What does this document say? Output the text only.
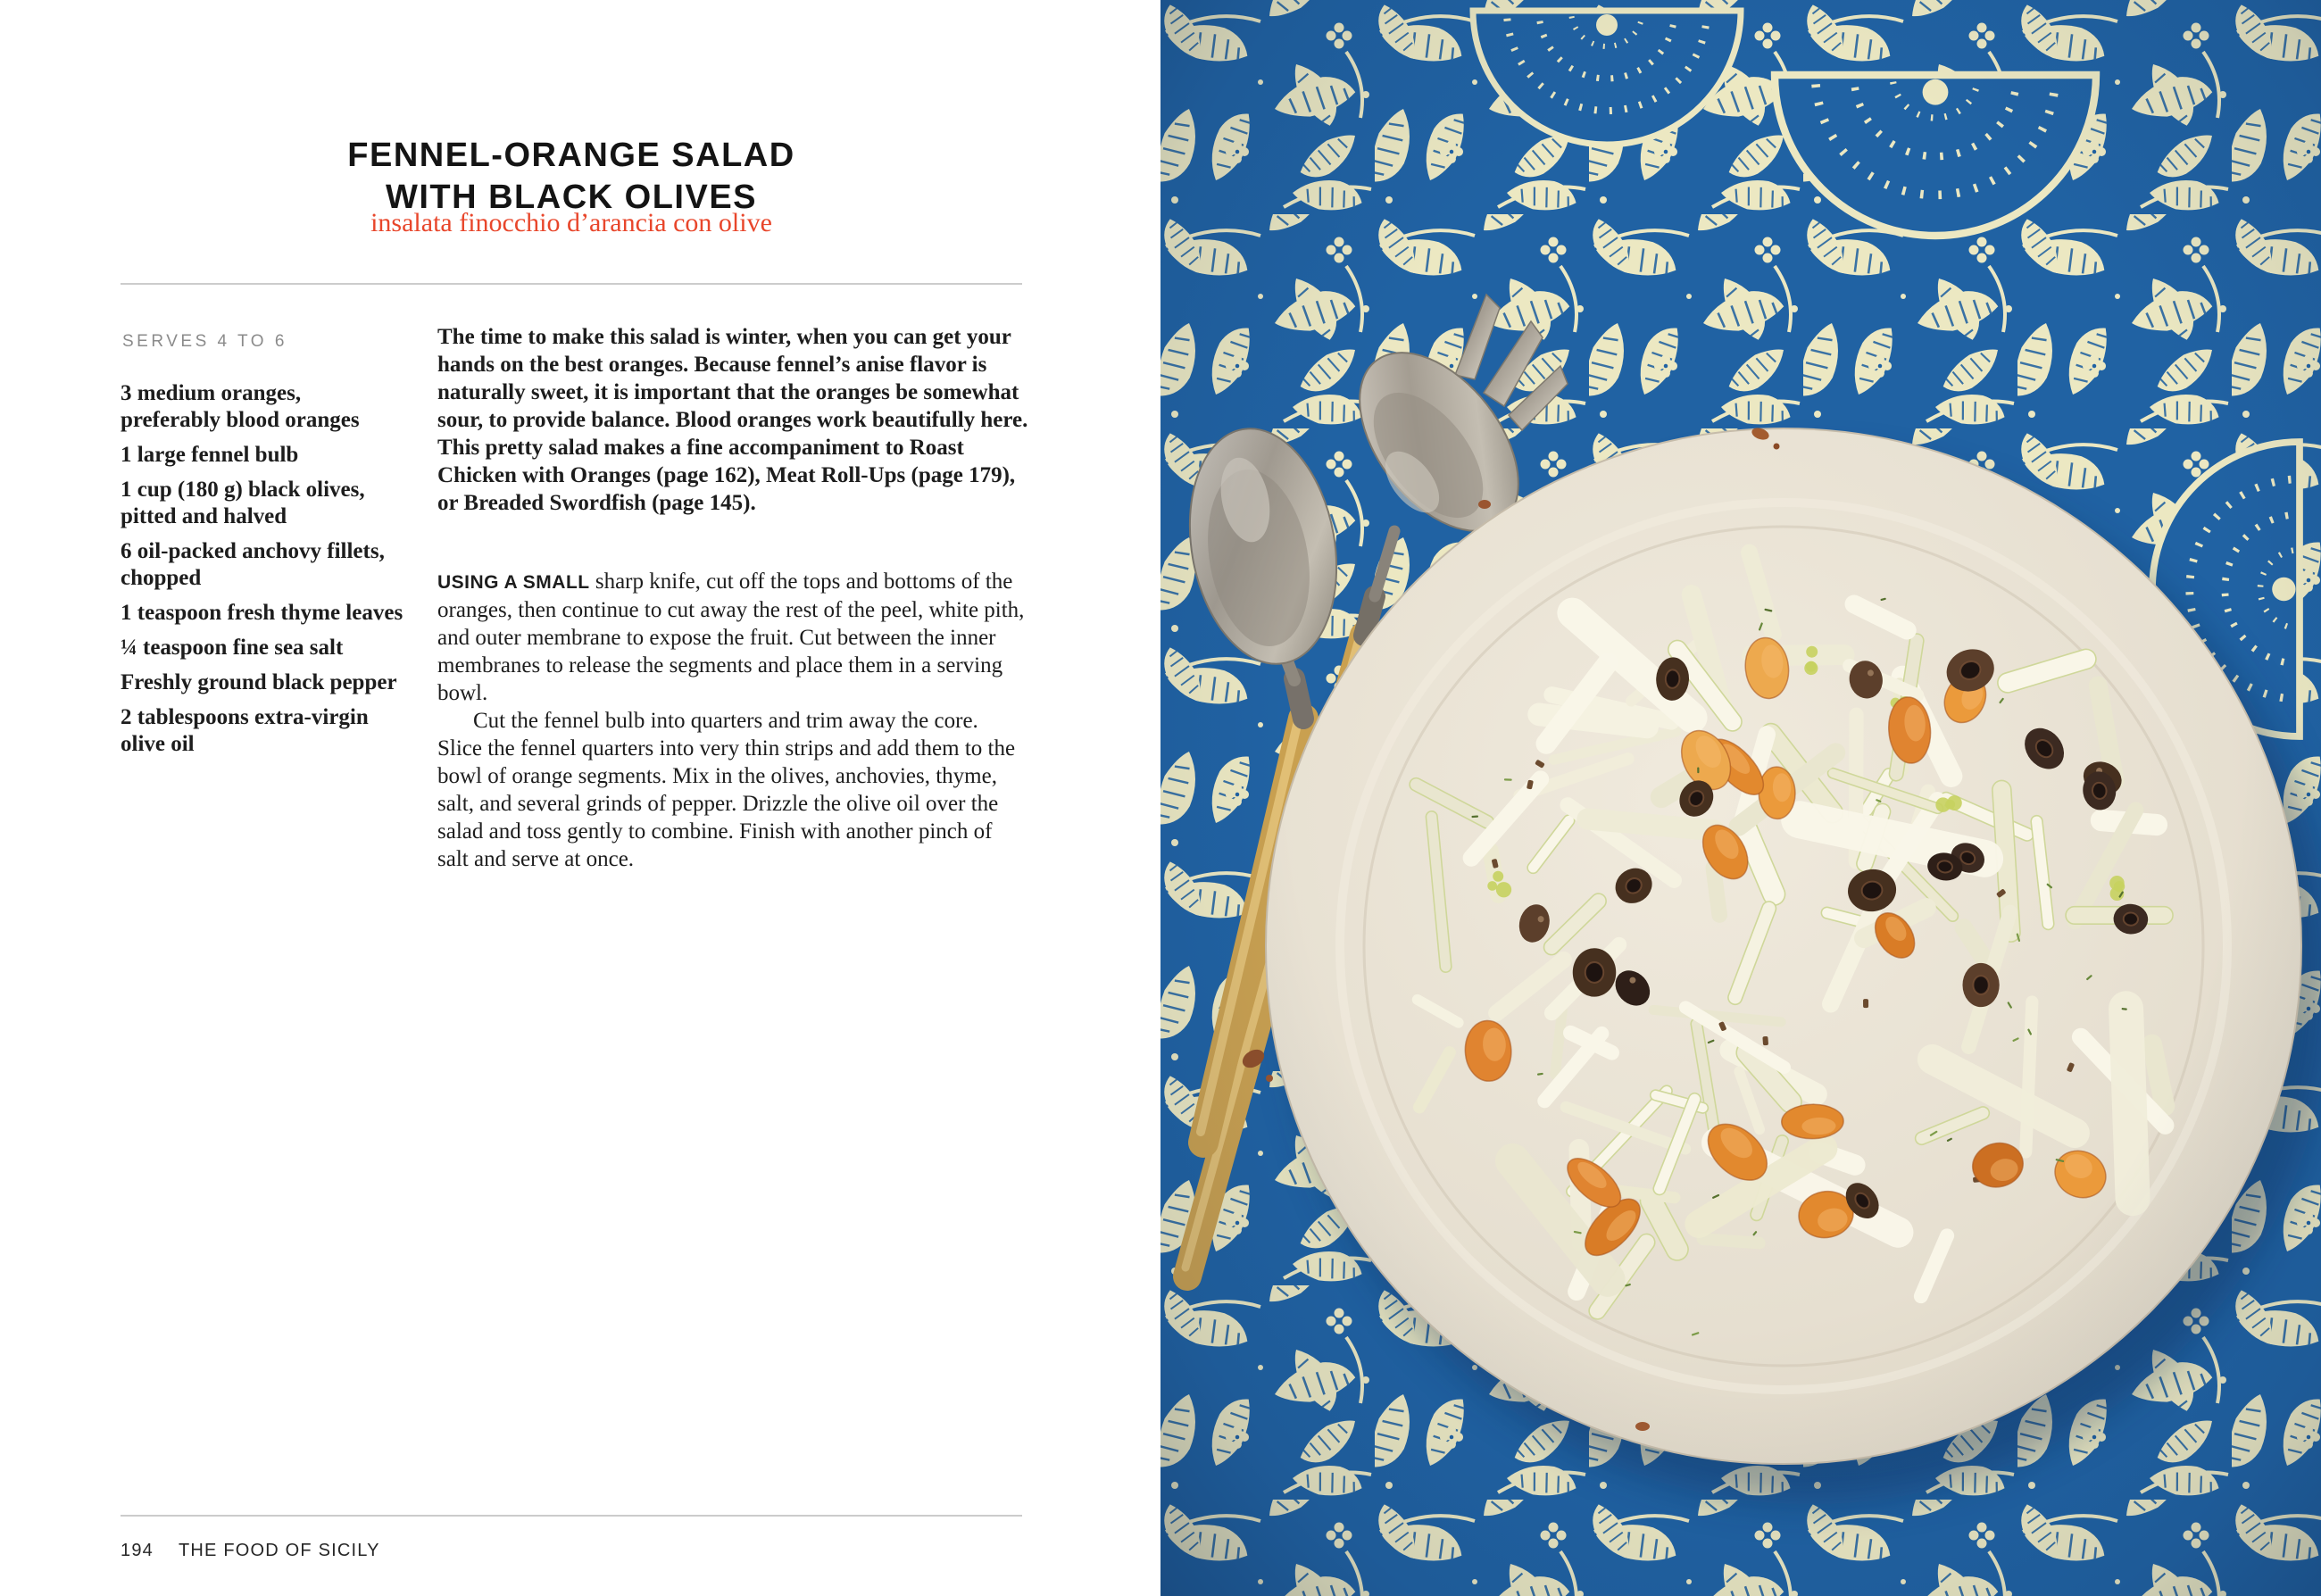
FENNEL-ORANGE SALAD
WITH BLACK OLIVES
insalata finocchio d’arancia con olive
SERVES 4 TO 6

3 medium oranges, preferably blood oranges

1 large fennel bulb

1 cup (180 g) black olives, pitted and halved

6 oil-packed anchovy fillets, chopped

1 teaspoon fresh thyme leaves

¼ teaspoon fine sea salt

Freshly ground black pepper

2 tablespoons extra-virgin olive oil

The time to make this salad is winter, when you can get your hands on the best oranges. Because fennel’s anise flavor is naturally sweet, it is important that the oranges be somewhat sour, to provide balance. Blood oranges work beautifully here. This pretty salad makes a fine accompaniment to Roast Chicken with Oranges (page 162), Meat Roll-Ups (page 179), or Breaded Swordfish (page 145).

USING A SMALL sharp knife, cut off the tops and bottoms of the oranges, then continue to cut away the rest of the peel, white pith, and outer membrane to expose the fruit. Cut between the inner membranes to release the segments and place them in a serving bowl.

Cut the fennel bulb into quarters and trim away the core. Slice the fennel quarters into very thin strips and add them to the bowl of orange segments. Mix in the olives, anchovies, thyme, salt, and several grinds of pepper. Drizzle the olive oil over the salad and toss gently to combine. Finish with another pinch of salt and serve at once.

194 THE FOOD OF SICILY
